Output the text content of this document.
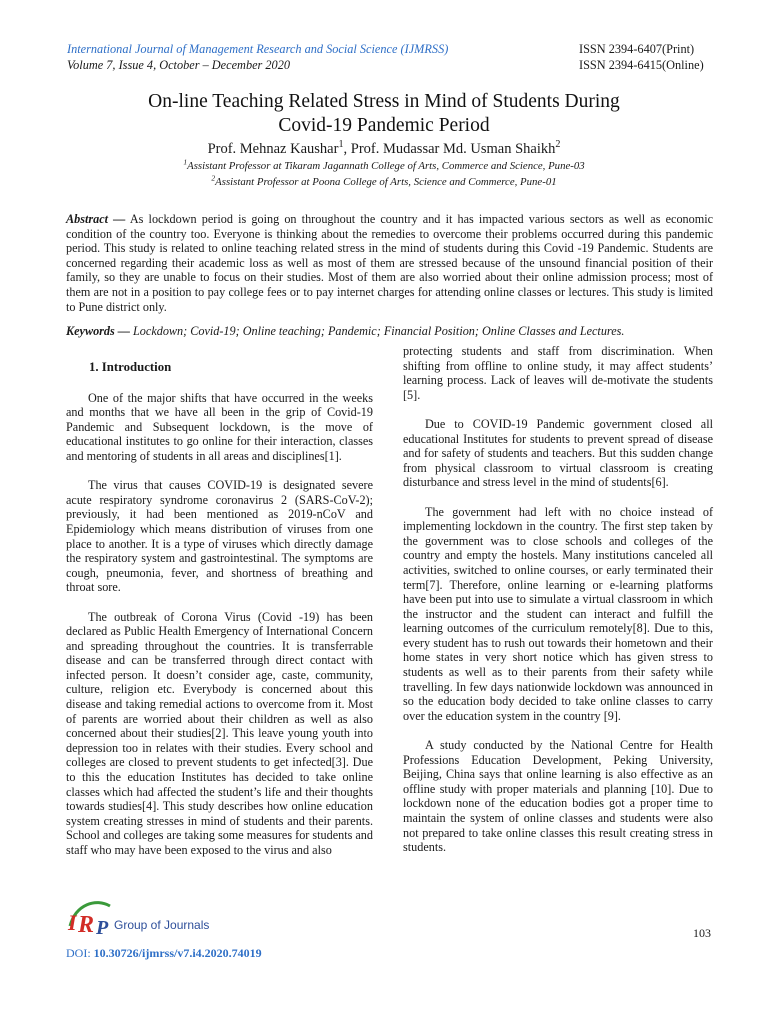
International Journal of Management Research and Social Science (IJMRSS)
Volume 7, Issue 4, October – December 2020
ISSN 2394-6407(Print)
ISSN 2394-6415(Online)
On-line Teaching Related Stress in Mind of Students During
Covid-19 Pandemic Period
Prof. Mehnaz Kaushar$^1$, Prof. Mudassar Md. Usman Shaikh$^2$
$^1$Assistant Professor at Tikaram Jagannath College of Arts, Commerce and Science, Pune-03
$^2$Assistant Professor at Poona College of Arts, Science and Commerce, Pune-01
Abstract — As lockdown period is going on throughout the country and it has impacted various sectors as well as economic condition of the country too. Everyone is thinking about the remedies to overcome their problems occurred during this pandemic period. This study is related to online teaching related stress in the mind of students during this Covid -19 Pandemic. Students are concerned regarding their academic loss as well as most of them are stressed because of the unsound financial position of their family, so they are unable to focus on their studies. Most of them are also worried about their online admission process; most of them are not in a position to pay college fees or to pay internet charges for attending online classes or lectures. This study is limited to Pune district only.
Keywords — Lockdown; Covid-19; Online teaching; Pandemic; Financial Position; Online Classes and Lectures.
1. Introduction

One of the major shifts that have occurred in the weeks and months that we have all been in the grip of Covid-19 Pandemic and Subsequent lockdown, is the move of educational institutes to go online for their interaction, classes and mentoring of students in all areas and disciplines[1].

The virus that causes COVID-19 is designated severe acute respiratory syndrome coronavirus 2 (SARS-CoV-2); previously, it had been mentioned as 2019-nCoV and Epidemiology which means distribution of viruses from one place to another. It is a type of viruses which directly damage the respiratory system and gastrointestinal. The symptoms are cough, pneumonia, fever, and shortness of breathing and throat sore.

The outbreak of Corona Virus (Covid -19) has been declared as Public Health Emergency of International Concern and spreading throughout the countries. It is transferrable disease and can be transferred through direct contact with infected person. It doesn’t consider age, caste, community, culture, religion etc. Everybody is concerned about this disease and taking remedial actions to overcome from it. Most of parents are worried about their children as well as also concerned about their studies[2]. This leave young youth into depression too in relates with their studies. Every school and colleges are closed to prevent students to get infected[3]. Due to this the education Institutes has decided to take online classes which had affected the student’s life and their thoughts towards studies[4]. This study describes how online education system creating stresses in mind of students and their parents. School and colleges are taking some measures for students and staff who may have been exposed to the virus and also

protecting students and staff from discrimination. When shifting from offline to online study, it may affect students’ learning process. Lack of leaves will de-motivate the students [5].

Due to COVID-19 Pandemic government closed all educational Institutes for students to prevent spread of disease and for safety of students and teachers. But this sudden change from physical classroom to virtual classroom is creating disturbance and stress level in the mind of students[6].

The government had left with no choice instead of implementing lockdown in the country. The first step taken by the government was to close schools and colleges of the country and empty the hostels. Many institutions canceled all activities, switched to online courses, or early terminated their term[7]. Therefore, online learning or e-learning platforms have been put into use to simulate a virtual classroom in which the instructor and the student can interact and fulfill the learning outcomes of the curriculum remotely[8]. Due to this, every student has to rush out towards their hometown and their home states in very short notice which has given stress to students as well as to their parents from their safety while travelling. In few days nationwide lockdown was announced in so the education body decided to take online classes to carry over the education system in the country [9].

A study conducted by the National Centre for Health Professions Education Development, Peking University, Beijing, China says that online learning is also effective as an offline study with proper materials and planning [10]. Due to lockdown none of the education bodies got a proper time to maintain the system of online classes and students were also not prepared to take online classes this result creating stress in students.

I R P Group of Journals
DOI: 10.30726/ijmrss/v7.i4.2020.74019
103
